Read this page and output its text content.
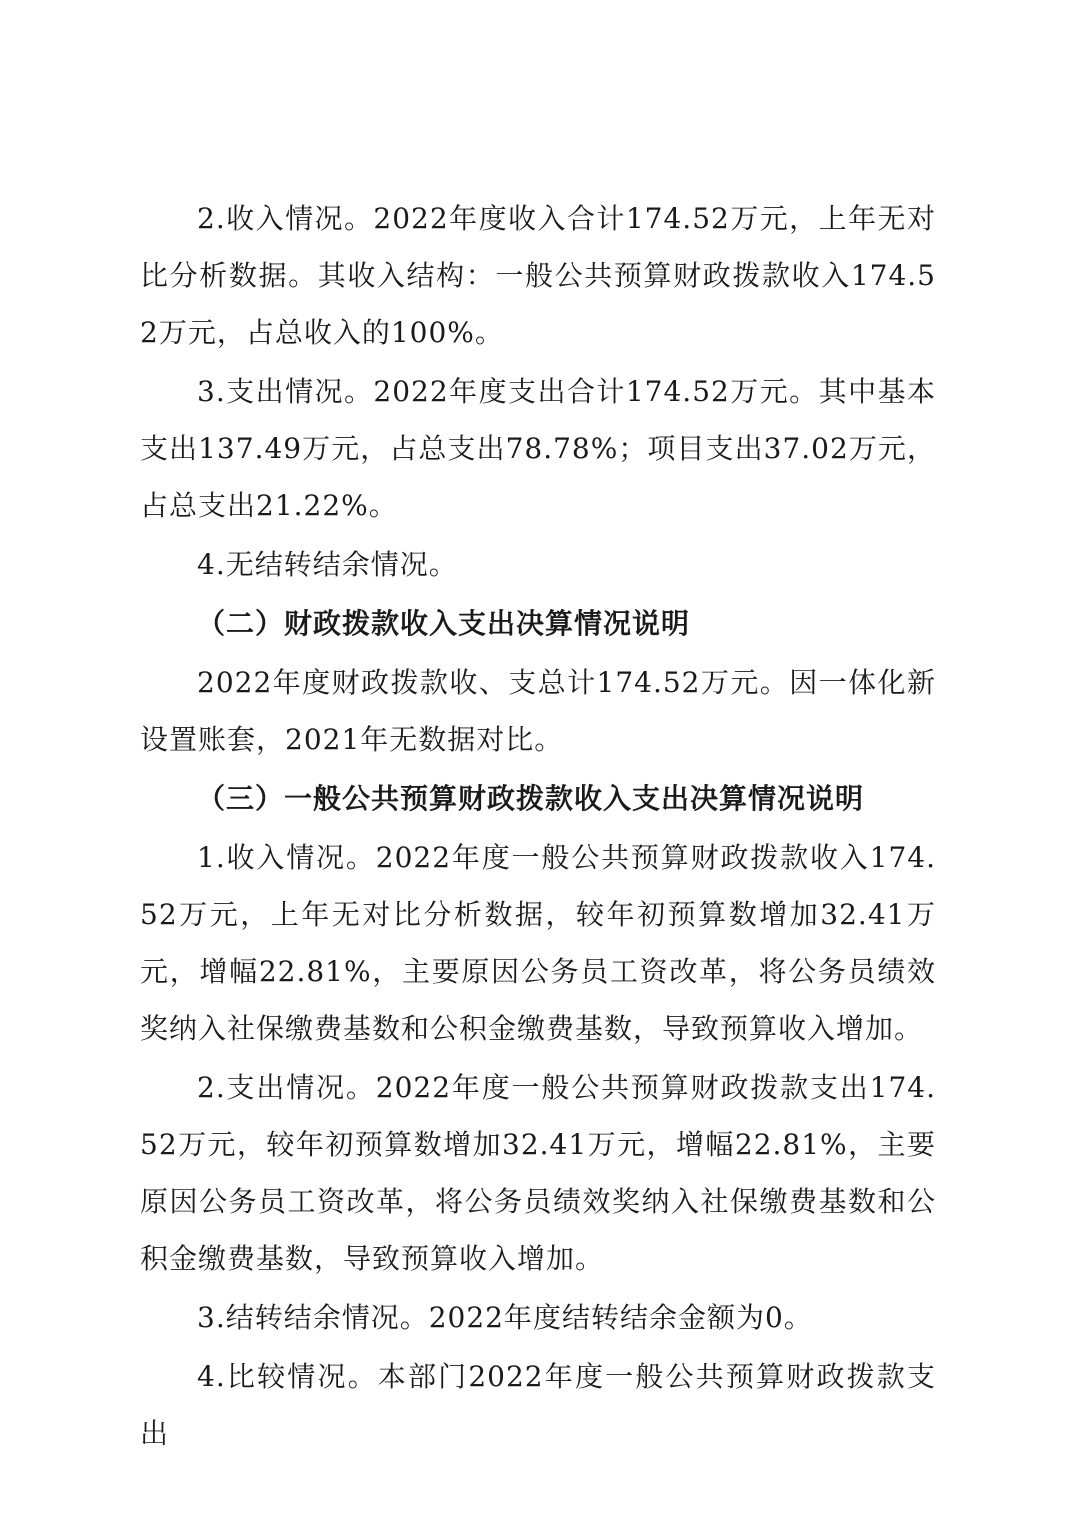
2.收入情况。2022年度收入合计174.52万元，上年无对比分析数据。其收入结构：一般公共预算财政拨款收入174.52万元，占总收入的100%。

3.支出情况。2022年度支出合计174.52万元。其中基本支出137.49万元，占总支出78.78%；项目支出37.02万元，占总支出21.22%。

4.无结转结余情况。

（二）财政拨款收入支出决算情况说明

2022年度财政拨款收、支总计174.52万元。因一体化新设置账套，2021年无数据对比。

（三）一般公共预算财政拨款收入支出决算情况说明

1.收入情况。2022年度一般公共预算财政拨款收入174.52万元，上年无对比分析数据，较年初预算数增加32.41万元，增幅22.81%，主要原因公务员工资改革，将公务员绩效奖纳入社保缴费基数和公积金缴费基数，导致预算收入增加。

2.支出情况。2022年度一般公共预算财政拨款支出174.52万元，较年初预算数增加32.41万元，增幅22.81%，主要原因公务员工资改革，将公务员绩效奖纳入社保缴费基数和公积金缴费基数，导致预算收入增加。

3.结转结余情况。2022年度结转结余金额为0。

4.比较情况。本部门2022年度一般公共预算财政拨款支出
